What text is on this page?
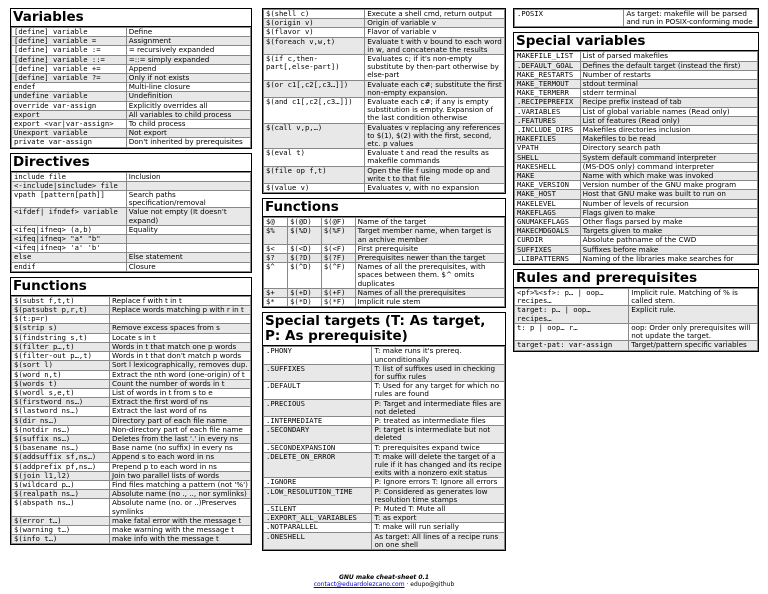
Variables
[define] variable	Define
[define] variable =	Assignment
[define] variable :=	= recursively expanded
[define] variable ::=	=::= simply expanded
[define] variable +=	Append
[define] variable ?=	Only if not exists
endef	Multi-line closure
undefine variable	Undefinition
override var-assign	Explicitly overrides all
export	All variables to child process
export <var|var-assign>	To child process
Unexport variable	Not export
private var-assign	Don't inherited by prerequisites
Directives
include file	Inclusion
<-include|sinclude> file	
vpath [pattern[path]]	Search paths specification/removal
<ifdef| ifndef> variable	Value not empty (It doesn't expand)
<ifeq|ifneq> (a,b)	Equality
<ifeq|ifneq> "a" "b"	
<ifeq|ifneq> 'a' 'b'	
else	Else statement
endif	Closure
Functions
$(subst f,t,t)	Replace f with t in t
$(patsubst p,r,t)	Replace words matching p with r in t
$(t:p=r)	
$(strip s)	Remove excess spaces from s
$(findstring s,t)	Locate s in t
$(filter p…,t)	Words in t that match one p words
$(filter-out p…,t)	Words in t that don't match p words
$(sort l)	Sort l lexicographically, removes dup.
$(word n,t)	Extract the nth word (one-origin) of t
$(words t)	Count the number of words in t
$(wordl s,e,t)	List of words in t from s to e
$(firstword ns…)	Extract the first word of ns
$(lastword ns…)	Extract the last word of ns
$(dir ns…)	Directory part of each file name
$(notdir ns…)	Non-directory part of each file name
$(suffix ns…)	Deletes from the last '.' in every ns
$(basename ns…)	Base name (no suffix) in every ns
$(addsuffix sf,ns…)	Append s to each word in ns
$(addprefix pf,ns…)	Prepend p to each word in ns
$(join l1,l2)	Join two parallel lists of words
$(wildcard p…)	Find files matching a pattern (not '%')
$(realpath ns…)	Absolute name (no ., .., nor symlinks)
$(abspath ns…)	Absolute name (no. or ..)Preserves symlinks
$(error t…)	make fatal error with the message t
$(warning t…)	make warning with the message t
$(info t…)	make info with the message t
$(shell c)	Execute a shell cmd, return output
$(origin v)	Origin of variable v
$(flavor v)	Flavor of variable v
$(foreach v,w,t)	Evaluate t with v bound to each word in w, and concatenate the results
$(if c,then-part[,else-part])	Evaluates c; if it's non-empty substitute by then-part otherwise by else-part
$(or c1[,c2[,c3…]])	Evaluate each c#; substitute the first non-empty expansion.
$(and c1[,c2[,c3…]])	Evaluate each c#; if any is empty substitution is empty. Expansion of the last condition otherwise
$(call v,p,…)	Evaluates v replacing any references to $(1), $(2) with the first, second, etc. p values
$(eval t)	Evaluate t and read the results as makefile commands
$(file op f,t)	Open the file f using mode op and write t to that file
$(value v)	Evaluates v, with no expansion
Functions
$@	$(@D)	$(@F)	Name of the target
$%	$(%D)	$(%F)	Target member name, when target is an archive member
$<	$(<D)	$(<F)	First prerequisite
$?	$(?D)	$(?F)	Prerequisites newer than the target
$^	$(^D)	$(^F)	Names of all the prerequisites, with spaces between them. $^ omits duplicates
$+	$(+D)	$(+F)	Names of all the prerequisites
$*	$(*D)	$(*F)	Implicit rule stem
Special targets (T: As target, P: As prerequisite)
.PHONY	T: make runs it's prereq. unconditionally
.SUFFIXES	T: list of suffixes used in checking for suffix rules
.DEFAULT	T: Used for any target for which no rules are found
.PRECIOUS	P: Target and intermediate files are not deleted
.INTERMEDIATE	P: treated as intermediate files
.SECONDARY	P: target is intermediate but not deleted
.SECONDEXPANSION	T: prerequisites expand twice
.DELETE_ON_ERROR	T: make will delete the target of a rule if it has changed and its recipe exits with a nonzero exit status
.IGNORE	P: Ignore errors T: Ignore all errors
.LOW_RESOLUTION_TIME	P: Considered as generates low resolution time stamps
.SILENT	P: Muted T: Mute all
.EXPORT_ALL_VARIABLES	T: as export
.NOTPARALLEL	T: make will run serially
.ONESHELL	As target: All lines of a recipe runs on one shell
.POSIX	As target: makefile will be parsed and run in POSIX-conforming mode
Special variables
MAKEFILE_LIST	List of parsed makefiles
.DEFAULT_GOAL	Defines the default target (instead the first)
MAKE_RESTARTS	Number of restarts
MAKE_TERMOUT	stdout terminal
MAKE_TERMERR	stderr terminal
.RECIPEPREFIX	Recipe prefix instead of tab
.VARIABLES	List of global variable names (Read only)
.FEATURES	List of features (Read only)
.INCLUDE_DIRS	Makefiles directories inclusion
MAKEFILES	Makefiles to be read
VPATH	Directory search path
SHELL	System default command interpreter
MAKESHELL	(MS-DOS only) command interpreter
MAKE	Name with which make was invoked
MAKE_VERSION	Version number of the GNU make program
MAKE_HOST	Host that GNU make was built to run on
MAKELEVEL	Number of levels of recursion
MAKEFLAGS	Flags given to make
GNUMAKEFLAGS	Other flags parsed by make
MAKECMDGOALS	Targets given to make
CURDIR	Absolute pathname of the CWD
SUFFIXES	Suffixes before make
.LIBPATTERNS	Naming of the libraries make searches for
Rules and prerequisites
<pf>%<sf>: p… | oop… recipes…	Implicit rule. Matching of % is called stem.
target: p… | oop… recipes…	Explicit rule.
t: p | oop… r…	oop: Order only prerequisites will not update the target.
target-pat: var-assign	Target/pattern specific variables
GNU make cheat-sheet 0.1
contact@eduardolezcano.com · edupo@github
